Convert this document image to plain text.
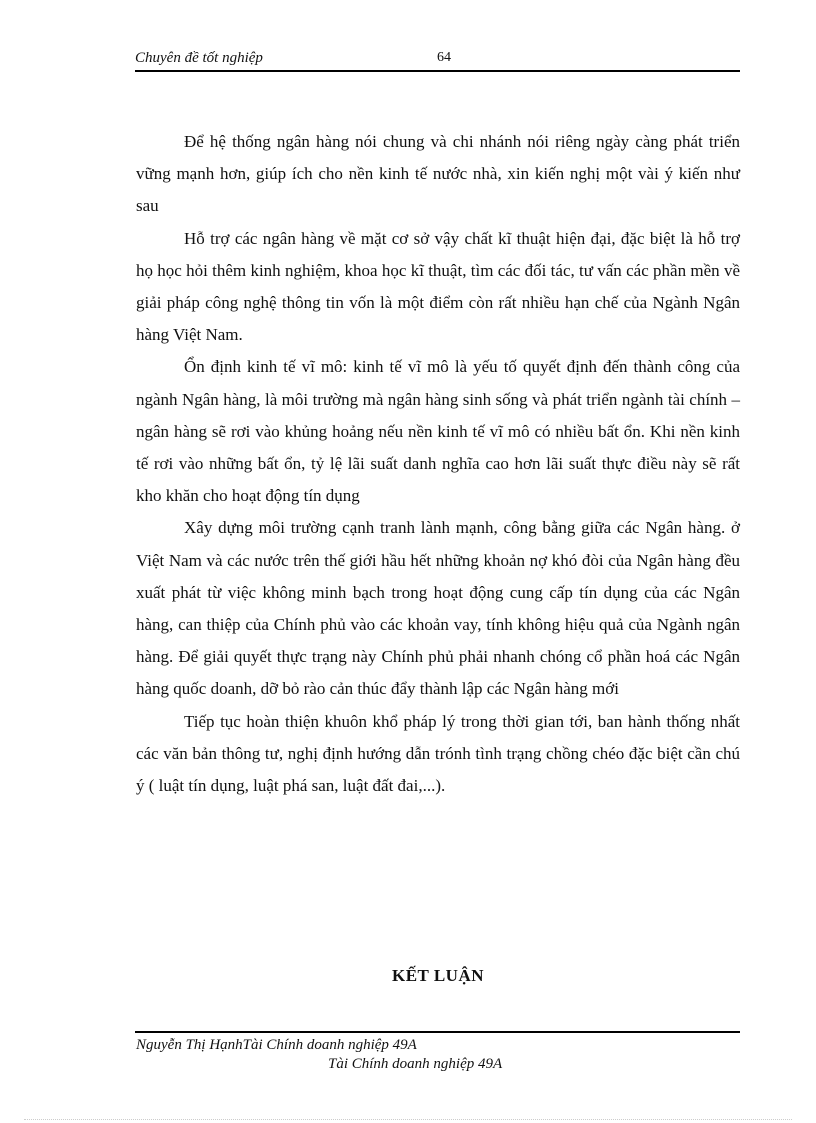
Chuyên đề tốt nghiệp	64

Để hệ thống ngân hàng nói chung và chi nhánh nói riêng ngày càng phát triển vững mạnh hơn, giúp ích cho nền kinh tế nước nhà, xin kiến nghị một vài ý kiến như sau

Hỗ trợ các ngân hàng về mặt cơ sở vậy chất kĩ thuật hiện đại, đặc biệt là hỗ trợ họ học hỏi thêm kinh nghiệm, khoa học kĩ thuật, tìm các đối tác, tư vấn các phần mền về giải pháp công nghệ thông tin vốn là một điểm còn rất nhiều hạn chế của Ngành Ngân hàng Việt Nam.

Ổn định kinh tế vĩ mô: kinh tế vĩ mô là yếu tố quyết định đến thành công của ngành Ngân hàng, là môi trường mà ngân hàng sinh sống và phát triển ngành tài chính – ngân hàng sẽ rơi vào khủng hoảng nếu nền kinh tế vĩ mô có nhiều bất ổn. Khi nền kinh tế rơi vào những bất ổn, tỷ lệ lãi suất danh nghĩa cao hơn lãi suất thực điều này sẽ rất kho khăn cho hoạt động tín dụng

Xây dựng môi trường cạnh tranh lành mạnh, công bằng giữa các Ngân hàng. ở Việt Nam và các nước trên thế giới hầu hết những khoản nợ khó đòi của Ngân hàng đều xuất phát từ việc không minh bạch trong hoạt động cung cấp tín dụng của các Ngân hàng, can thiệp của Chính phủ vào các khoản vay, tính không hiệu quả của Ngành ngân hàng. Để giải quyết thực trạng này Chính phủ phải nhanh chóng cổ phần hoá các Ngân hàng quốc doanh, dỡ bỏ rào cản thúc đẩy thành lập các Ngân hàng mới

Tiếp tục hoàn thiện khuôn khổ pháp lý trong thời gian tới, ban hành thống nhất các văn bản thông tư, nghị định hướng dẫn trónh tình trạng chồng chéo đặc biệt cần chú ý ( luật tín dụng, luật phá san, luật đất đai,...).

KẾT LUẬN
Nguyễn Thị HạnhTài Chính doanh nghiệp 49A
Tài Chính doanh nghiệp 49A
